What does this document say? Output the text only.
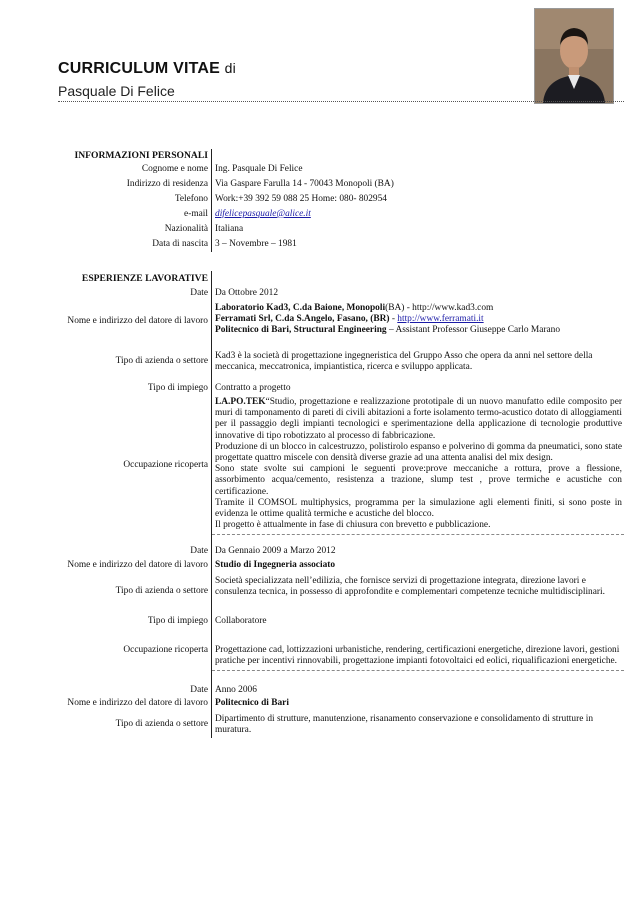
CURRICULUM VITAE di
Pasquale Di Felice
INFORMAZIONI PERSONALI	
Cognome e nome	Ing. Pasquale Di Felice
Indirizzo di residenza	Via Gaspare Farulla 14 - 70043 Monopoli (BA)
Telefono	Work:+39 392 59 088 25 Home: 080- 802954
e-mail	difelicepasquale@alice.it
Nazionalità	Italiana
Data di nascita	3 – Novembre – 1981
ESPERIENZE LAVORATIVE	
Date	Da Ottobre 2012
Nome e indirizzo del datore di lavoro	Laboratorio Kad3, C.da Baione, Monopoli(BA) - http://www.kad3.com
Ferramati Srl, C.da S.Angelo, Fasano, (BR) - http://www.ferramati.it
Politecnico di Bari, Structural Engineering – Assistant Professor Giuseppe Carlo Marano

Tipo di azienda o settore	Kad3 è la società di progettazione ingegneristica del Gruppo Asso che opera da anni nel settore della meccanica, meccatronica, impiantistica, ricerca e sviluppo applicata.
Tipo di impiego	Contratto a progetto
Occupazione ricoperta	LA.PO.TEK“Studio, progettazione e realizzazione prototipale di un nuovo manufatto edile composito per muri di tamponamento di pareti di civili abitazioni a forte isolamento termo-acustico dotato di alloggiamenti per il passaggio degli impianti tecnologici e sperimentazione della applicazione di tecnologie produttive innovative di tipo robotizzato al processo di fabbricazione.
Produzione di un blocco in calcestruzzo, polistirolo espanso e polverino di gomma da pneumatici, sono state progettate quattro miscele con densità diverse grazie ad una attenta analisi del mix design.
Sono state svolte sui campioni le seguenti prove:prove meccaniche a rottura, prove a flessione, assorbimento acqua/cemento, resistenza a trazione, slump test , prove termiche e acustiche con certificazione.
Tramite il COMSOL multiphysics, programma per la simulazione agli elementi finiti, si sono poste in evidenza le ottime qualità termiche e acustiche del blocco.
Il progetto è attualmente in fase di chiusura con brevetto e pubblicazione.

Date	Da Gennaio 2009 a Marzo 2012
Nome e indirizzo del datore di lavoro	Studio di Ingegneria associato
Tipo di azienda o settore	Società specializzata nell’edilizia, che fornisce servizi di progettazione integrata, direzione lavori e consulenza tecnica, in possesso di approfondite e complementari competenze tecniche multidisciplinari.
Tipo di impiego	Collaboratore
Occupazione ricoperta	Progettazione cad, lottizzazioni urbanistiche, rendering, certificazioni energetiche, direzione lavori, gestioni pratiche per incentivi rinnovabili, progettazione impianti fotovoltaici ed eolici, riqualificazioni energetiche.
Date	Anno 2006
Nome e indirizzo del datore di lavoro	Politecnico di Bari
Tipo di azienda o settore	Dipartimento di strutture, manutenzione, risanamento conservazione e consolidamento di strutture in muratura.
